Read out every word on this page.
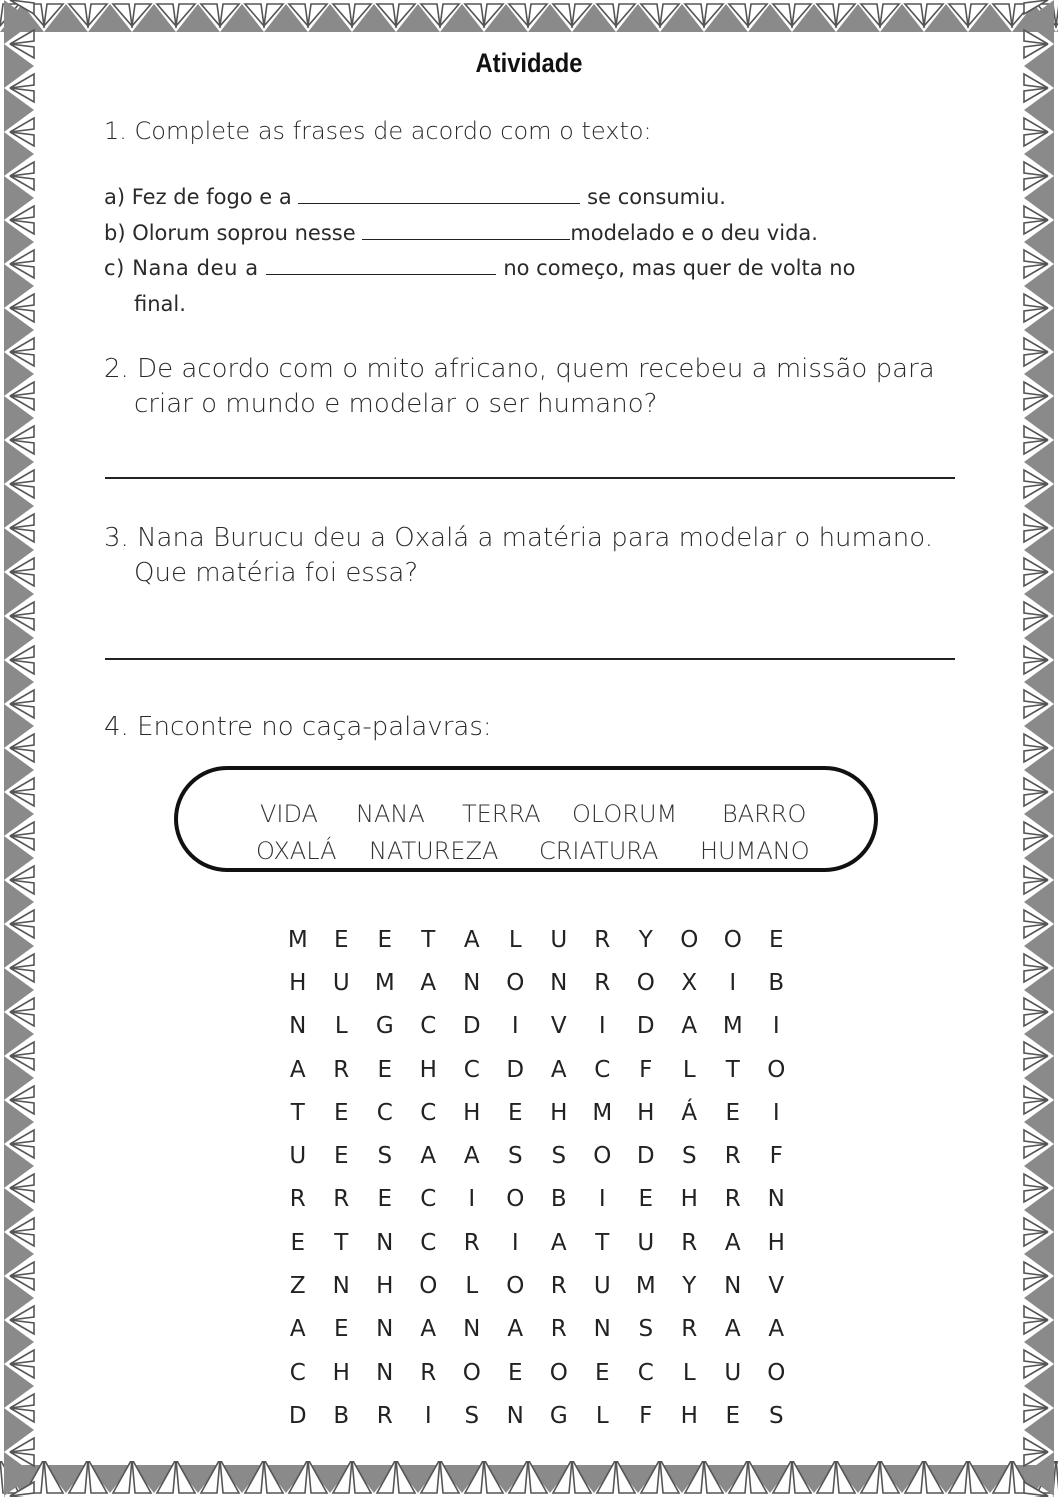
Atividade
1. Complete as frases de acordo com o texto:
a) Fez de fogo e a	se consumiu.
b) Olorum soprou nesse	modelado e o deu vida.
c) Nana deu a	no começo, mas quer de volta no
final.
2. De acordo com o mito africano, quem recebeu a missão para
criar o mundo e modelar o ser humano?
3. Nana Burucu deu a Oxalá a matéria para modelar o humano.
Que matéria foi essa?
4. Encontre no caça-palavras:
VIDA NANA TERRA OLORUM BARRO
OXALÁ NATUREZA CRIATURA HUMANO
M	E	E	T	A	L	U	R	Y	O	O	E
H	U	M	A	N	O	N	R	O	X	I	B
N	L	G	C	D	I	V	I	D	A	M	I
A	R	E	H	C	D	A	C	F	L	T	O
T	E	C	C	H	E	H	M	H	Á	E	I
U	E	S	A	A	S	S	O	D	S	R	F
R	R	E	C	I	O	B	I	E	H	R	N
E	T	N	C	R	I	A	T	U	R	A	H
Z	N	H	O	L	O	R	U	M	Y	N	V
A	E	N	A	N	A	R	N	S	R	A	A
C	H	N	R	O	E	O	E	C	L	U	O
D	B	R	I	S	N	G	L	F	H	E	S
